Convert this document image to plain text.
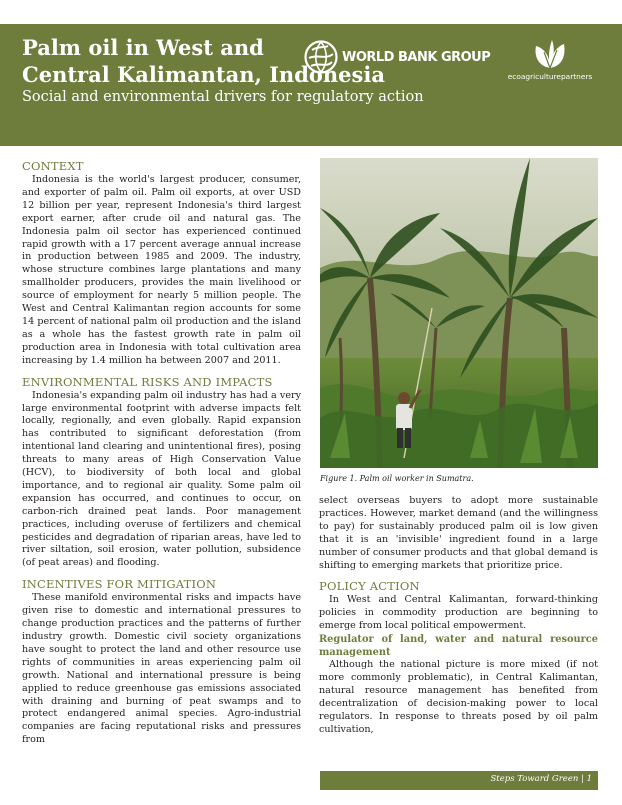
Palm oil in West and
Central Kalimantan, Indonesia
Social and environmental drivers for regulatory action
WORLD BANK GROUP
ecoagriculturepartners
CONTEXT

Indonesia is the world's largest producer, consumer, and exporter of palm oil. Palm oil exports, at over USD 12 billion per year, represent Indonesia's third largest export earner, after crude oil and natural gas. The Indonesia palm oil sector has experienced continued rapid growth with a 17 percent average annual increase in production between 1985 and 2009. The industry, whose structure combines large plantations and many smallholder producers, provides the main livelihood or source of employment for nearly 5 million people. The West and Central Kalimantan region accounts for some 14 percent of national palm oil production and the island as a whole has the fastest growth rate in palm oil production area in Indonesia with total cultivation area increasing by 1.4 million ha between 2007 and 2011.

ENVIRONMENTAL RISKS AND IMPACTS

Indonesia's expanding palm oil industry has had a very large environmental footprint with adverse impacts felt locally, regionally, and even globally. Rapid expansion has contributed to significant deforestation (from intentional land clearing and unintentional fires), posing threats to many areas of High Conservation Value (HCV), to biodiversity of both local and global importance, and to regional air quality. Some palm oil expansion has occurred, and continues to occur, on carbon-rich drained peat lands. Poor management practices, including overuse of fertilizers and chemical pesticides and degradation of riparian areas, have led to river siltation, soil erosion, water pollution, subsidence (of peat areas) and flooding.

INCENTIVES FOR MITIGATION

These manifold environmental risks and impacts have given rise to domestic and international pressures to change production practices and the patterns of further industry growth. Domestic civil society organizations have sought to protect the land and other resource use rights of communities in areas experiencing palm oil growth. National and international pressure is being applied to reduce greenhouse gas emissions associated with draining and burning of peat swamps and to protect endangered animal species. Agro-industrial companies are facing reputational risks and pressures from

Figure 1. Palm oil worker in Sumatra.

select overseas buyers to adopt more sustainable practices. However, market demand (and the willingness to pay) for sustainably produced palm oil is low given that it is an 'invisible' ingredient found in a large number of consumer products and that global demand is shifting to emerging markets that prioritize price.

POLICY ACTION

In West and Central Kalimantan, forward-thinking policies in commodity production are beginning to emerge from local political empowerment.

Regulator of land, water and natural resource management

Although the national picture is more mixed (if not more commonly problematic), in Central Kalimantan, natural resource management has benefited from decentralization of decision-making power to local regulators. In response to threats posed by oil palm cultivation,

Steps Toward Green | 1
